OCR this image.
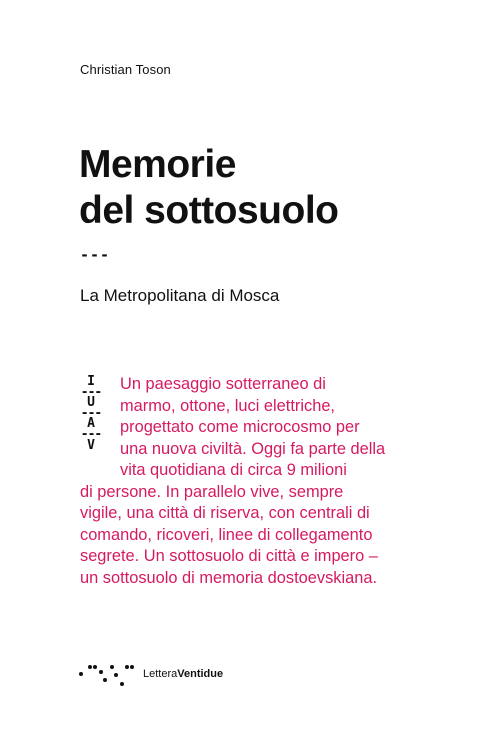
Christian Toson
Memorie
del sottosuolo
---
La Metropolitana di Mosca
I
---
U
---
A
---
V
Un paesaggio sotterraneo di
marmo, ottone, luci elettriche,
progettato come microcosmo per
una nuova civiltà. Oggi fa parte della
vita quotidiana di circa 9 milioni
di persone. In parallelo vive, sempre
vigile, una città di riserva, con centrali di
comando, ricoveri, linee di collegamento
segrete. Un sottosuolo di città e impero –
un sottosuolo di memoria dostoevskiana.
LetteraVentidue
